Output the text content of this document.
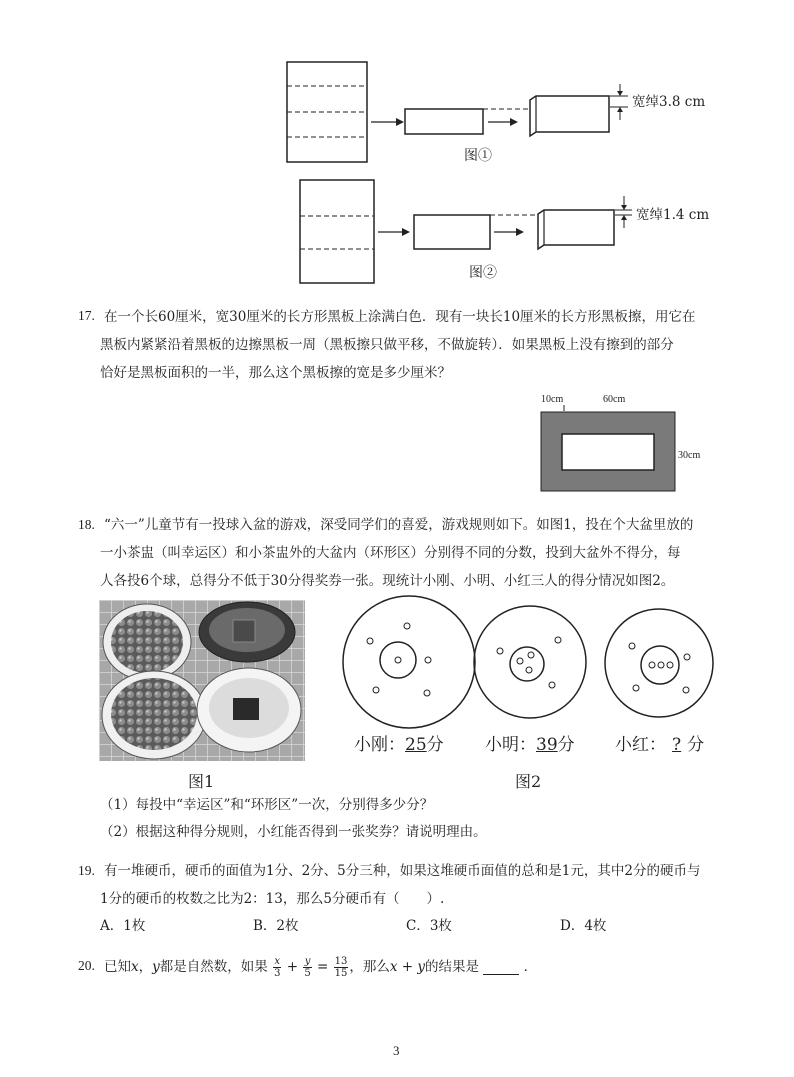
宽绰3.8 cm
图①
宽绰1.4 cm
图②
17. 在一个长60厘米，宽30厘米的长方形黑板上涂满白色．现有一块长10厘米的长方形黑板擦，用它在
黑板内紧紧沿着黑板的边擦黑板一周（黑板擦只做平移，不做旋转）．如果黑板上没有擦到的部分
恰好是黑板面积的一半，那么这个黑板擦的宽是多少厘米？
10cm	60cm
30cm
18. “六一”儿童节有一投球入盆的游戏，深受同学们的喜爱，游戏规则如下。如图1，投在个大盆里放的
一小茶盅（叫幸运区）和小茶盅外的大盆内（环形区）分别得不同的分数，投到大盆外不得分，每
人各投6个球，总得分不低于30分得奖券一张。现统计小刚、小明、小红三人的得分情况如图2。
小刚：25分 小明：39分 小红： ? 分
图1	图2
（1）每投中“幸运区”和“环形区”一次，分别得多少分？
（2）根据这种得分规则，小红能否得到一张奖券？请说明理由。
19. 有一堆硬币，硬币的面值为1分、2分、5分三种，如果这堆硬币面值的总和是1元，其中2分的硬币与
1分的硬币的枚数之比为2：13，那么5分硬币有（　　）.
A．1枚	B．2枚	C．3枚	D．4枚
20. 已知x，y都是自然数，如果 $\frac{x}{3} + \frac{y}{5} = \frac{13}{15}$ ，那么x + y的结果是	．
3
